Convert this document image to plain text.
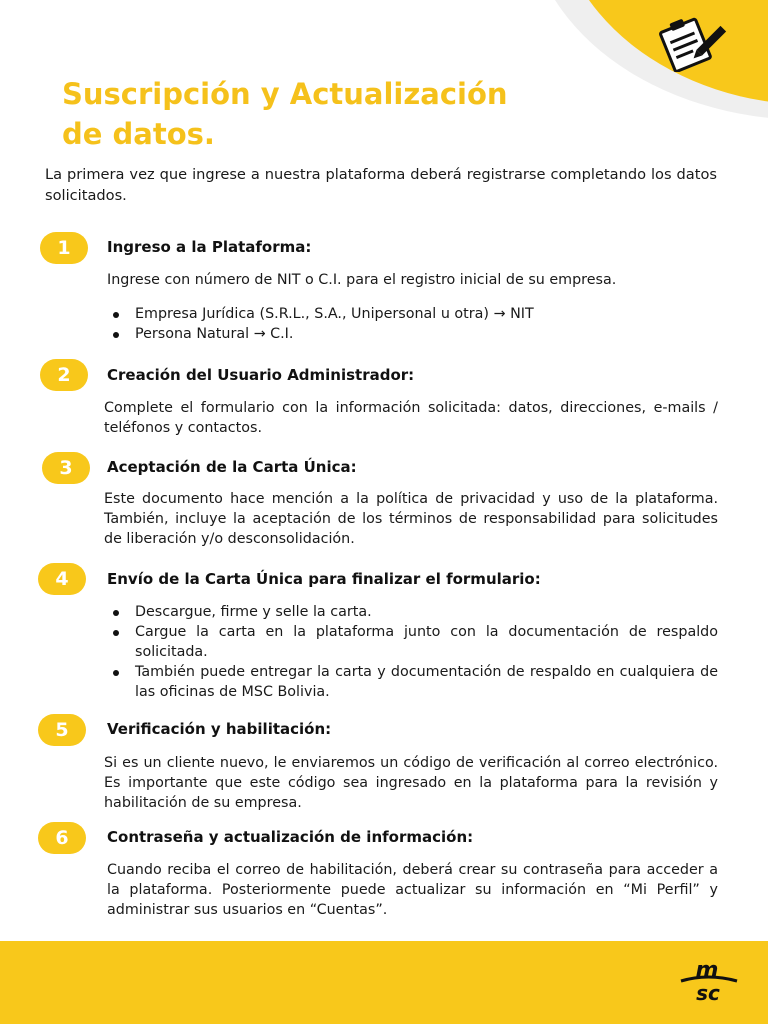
Suscripción y Actualización
de datos.

La primera vez que ingrese a nuestra plataforma deberá registrarse completando los datos solicitados.

1	Ingreso a la Plataforma:

Ingrese con número de NIT o C.I. para el registro inicial de su empresa.

Empresa Jurídica (S.R.L., S.A., Unipersonal u otra) → NIT
Persona Natural → C.I.
2	Creación del Usuario Administrador:

Complete el formulario con la información solicitada: datos, direcciones, e-mails / teléfonos y contactos.

3	Aceptación de la Carta Única:

Este documento hace mención a la política de privacidad y uso de la plataforma. También, incluye la aceptación de los términos de responsabilidad para solicitudes de liberación y/o desconsolidación.

4	Envío de la Carta Única para finalizar el formulario:
Descargue, firme y selle la carta.
Cargue la carta en la plataforma junto con la documentación de respaldo solicitada.
También puede entregar la carta y documentación de respaldo en cualquiera de las oficinas de MSC Bolivia.
5	Verificación y habilitación:

Si es un cliente nuevo, le enviaremos un código de verificación al correo electrónico. Es importante que este código sea ingresado en la plataforma para la revisión y habilitación de su empresa.

6	Contraseña y actualización de información:

Cuando reciba el correo de habilitación, deberá crear su contraseña para acceder a la plataforma. Posteriormente puede actualizar su información en “Mi Perfil” y administrar sus usuarios en “Cuentas”.

m
sc
